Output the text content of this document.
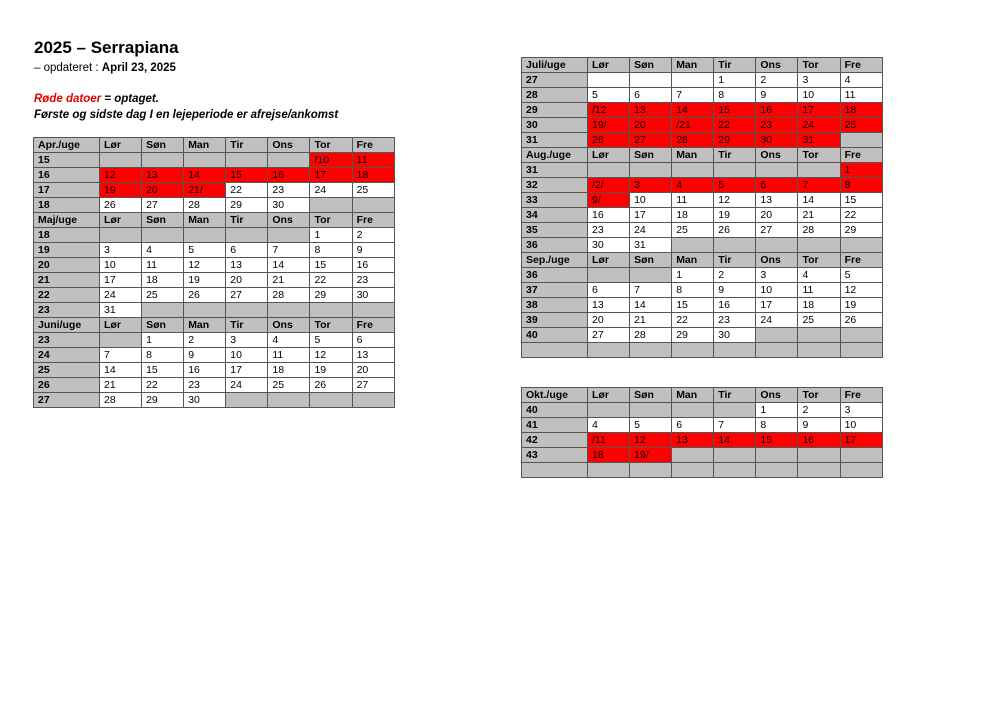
2025 – Serrapiana
– opdateret : April 23, 2025
Røde datoer = optaget.
Første og sidste dag I en lejeperiode er afrejse/ankomst
Apr./uge	Lør	Søn	Man	Tir	Ons	Tor	Fre
15						/10	11
16	12	13	14	15	16	17	18
17	19	20	21/	22	23	24	25
18	26	27	28	29	30		
Maj/uge	Lør	Søn	Man	Tir	Ons	Tor	Fre
18						1	2
19	3	4	5	6	7	8	9
20	10	11	12	13	14	15	16
21	17	18	19	20	21	22	23
22	24	25	26	27	28	29	30
23	31						
Juni/uge	Lør	Søn	Man	Tir	Ons	Tor	Fre
23		1	2	3	4	5	6
24	7	8	9	10	11	12	13
25	14	15	16	17	18	19	20
26	21	22	23	24	25	26	27
27	28	29	30				
Juli/uge	Lør	Søn	Man	Tir	Ons	Tor	Fre
27				1	2	3	4
28	5	6	7	8	9	10	11
29	/12	13	14	15	16	17	18
30	19/	20	/21	22	23	24	25
31	26	27	28	29	30	31	
Aug./uge	Lør	Søn	Man	Tir	Ons	Tor	Fre
31							1
32	/2/	3	4	5	6	7	8
33	9/	10	11	12	13	14	15
34	16	17	18	19	20	21	22
35	23	24	25	26	27	28	29
36	30	31					
Sep./uge	Lør	Søn	Man	Tir	Ons	Tor	Fre
36			1	2	3	4	5
37	6	7	8	9	10	11	12
38	13	14	15	16	17	18	19
39	20	21	22	23	24	25	26
40	27	28	29	30			

Okt./uge	Lør	Søn	Man	Tir	Ons	Tor	Fre
40					1	2	3
41	4	5	6	7	8	9	10
42	/11	12	13	14	15	16	17
43	18	19/					
